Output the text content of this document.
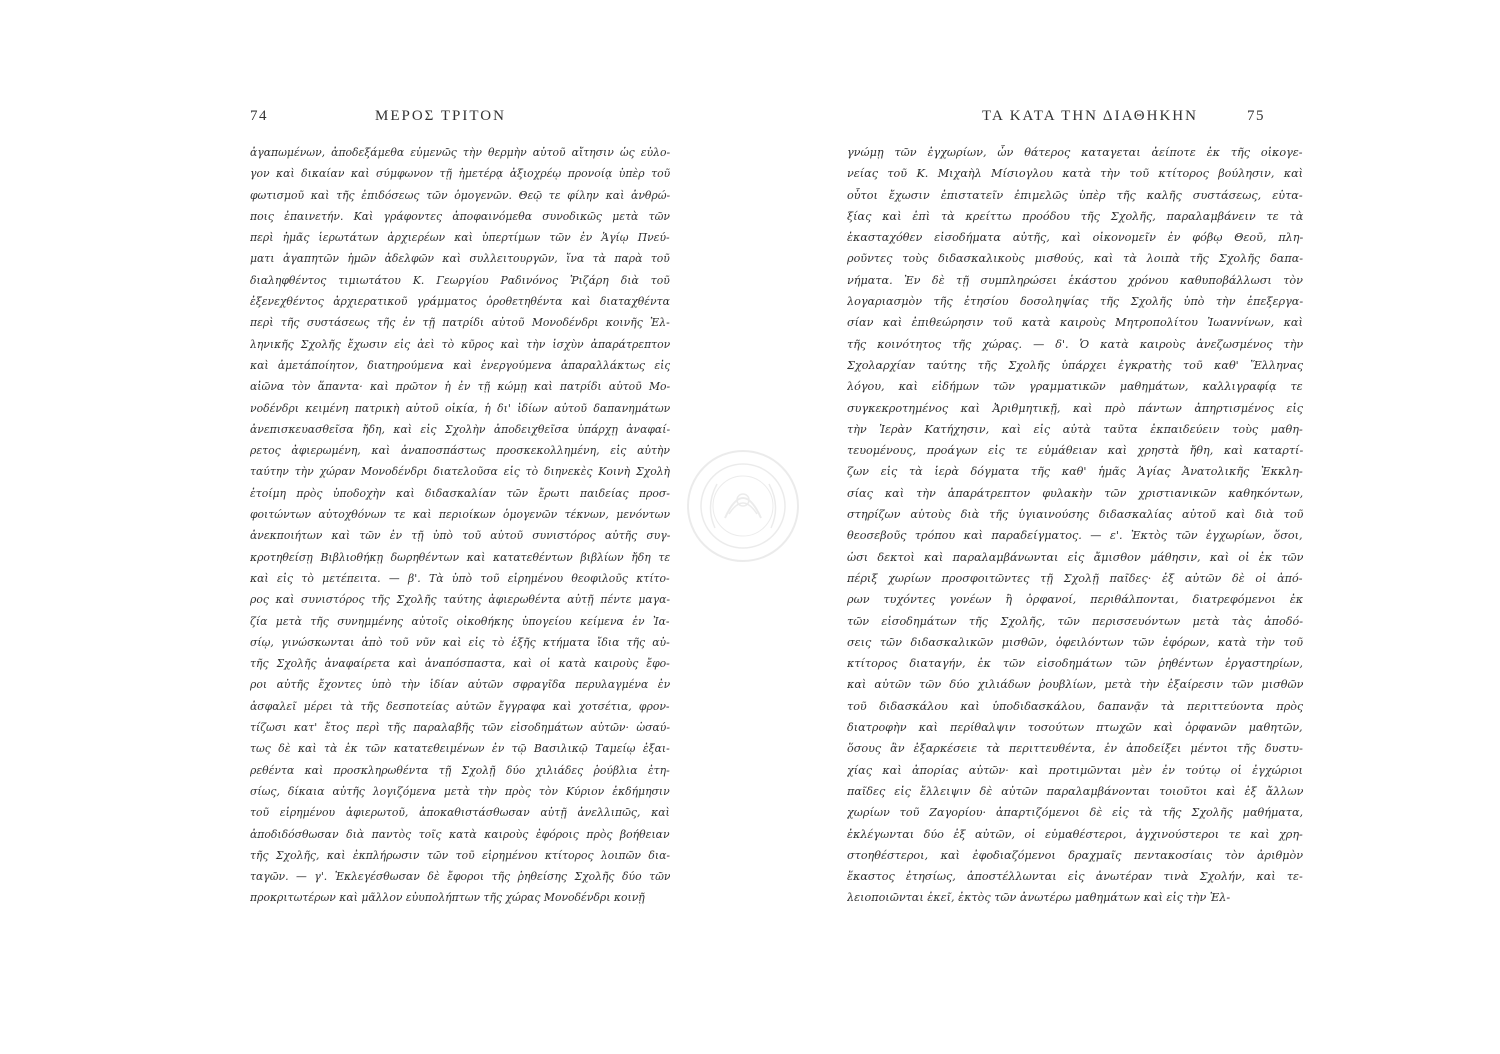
74	ΜΕΡΟΣ ΤΡΙΤΟΝ
ἀγαπωμένων, ἀποδεξάμεθα εὐμενῶς τὴν θερμὴν αὐτοῦ αἴτησιν ὡς εὐλο-
γον καὶ δικαίαν καὶ σύμφωνον τῇ ἡμετέρᾳ ἀξιοχρέῳ προνοίᾳ ὑπὲρ τοῦ
φωτισμοῦ καὶ τῆς ἐπιδόσεως τῶν ὁμογενῶν. Θεῷ τε φίλην καὶ ἀνθρώ-
ποις ἐπαινετήν. Καὶ γράφοντες ἀποφαινόμεθα συνοδικῶς μετὰ τῶν
περὶ ἡμᾶς ἱερωτάτων ἀρχιερέων καὶ ὑπερτίμων τῶν ἐν Ἁγίῳ Πνεύ-
ματι ἀγαπητῶν ἡμῶν ἀδελφῶν καὶ συλλειτουργῶν, ἵνα τὰ παρὰ τοῦ
διαληφθέντος τιμιωτάτου Κ. Γεωργίου Ραδινόνος Ῥιζάρη διὰ τοῦ
ἐξενεχθέντος ἀρχιερατικοῦ γράμματος ὁροθετηθέντα καὶ διαταχθέντα
περὶ τῆς συστάσεως τῆς ἐν τῇ πατρίδι αὐτοῦ Μονοδένδρι κοινῆς Ἑλ-
ληνικῆς Σχολῆς ἔχωσιν εἰς ἀεὶ τὸ κῦρος καὶ τὴν ἰσχὺν ἀπαράτρεπτον
καὶ ἀμετάποίητον, διατηρούμενα καὶ ἐνεργούμενα ἀπαραλλάκτως εἰς
αἰῶνα τὸν ἅπαντα· καὶ πρῶτον ἡ ἐν τῇ κώμῃ καὶ πατρίδι αὐτοῦ Μο-
νοδένδρι κειμένη πατρικὴ αὐτοῦ οἰκία, ἡ δι' ἰδίων αὐτοῦ δαπανημάτων
ἀνεπισκευασθεῖσα ἤδη, καὶ εἰς Σχολὴν ἀποδειχθεῖσα ὑπάρχῃ ἀναφαί-
ρετος ἀφιερωμένη, καὶ ἀναποσπάστως προσκεκολλημένη, εἰς αὐτὴν
ταύτην τὴν χώραν Μονοδένδρι διατελοῦσα εἰς τὸ διηνεκὲς Κοινὴ Σχολὴ
ἑτοίμη πρὸς ὑποδοχὴν καὶ διδασκαλίαν τῶν ἔρωτι παιδείας προσ-
φοιτώντων αὐτοχθόνων τε καὶ περιοίκων ὁμογενῶν τέκνων, μενόντων
ἀνεκποιήτων καὶ τῶν ἐν τῇ ὑπὸ τοῦ αὐτοῦ συνιστόρος αὐτῆς συγ-
κροτηθείσῃ Βιβλιοθήκῃ δωρηθέντων καὶ κατατεθέντων βιβλίων ἤδη τε
καὶ εἰς τὸ μετέπειτα. — β'. Τὰ ὑπὸ τοῦ εἰρημένου θεοφιλοῦς κτίτο-
ρος καὶ συνιστόρος τῆς Σχολῆς ταύτης ἀφιερωθέντα αὐτῇ πέντε μαγα-
ζία μετὰ τῆς συνημμένης αὐτοῖς οἰκοθήκης ὑπογείου κείμενα ἐν Ἰα-
σίῳ, γινώσκωνται ἀπὸ τοῦ νῦν καὶ εἰς τὸ ἑξῆς κτήματα ἴδια τῆς αὐ-
τῆς Σχολῆς ἀναφαίρετα καὶ ἀναπόσπαστα, καὶ οἱ κατὰ καιροὺς ἔφο-
ροι αὐτῆς ἔχοντες ὑπὸ τὴν ἰδίαν αὐτῶν σφραγῖδα περυλαγμένα ἐν
ἀσφαλεῖ μέρει τὰ τῆς δεσποτείας αὐτῶν ἔγγραφα καὶ χοτσέτια, φρον-
τίζωσι κατ' ἔτος περὶ τῆς παραλαβῆς τῶν εἰσοδημάτων αὐτῶν· ὡσαύ-
τως δὲ καὶ τὰ ἐκ τῶν κατατεθειμένων ἐν τῷ Βασιλικῷ Ταμείῳ ἐξαι-
ρεθέντα καὶ προσκληρωθέντα τῇ Σχολῇ δύο χιλιάδες ῥούβλια ἐτη-
σίως, δίκαια αὐτῆς λογιζόμενα μετὰ τὴν πρὸς τὸν Κύριον ἐκδήμησιν
τοῦ εἰρημένου ἀφιερωτοῦ, ἀποκαθιστάσθωσαν αὐτῇ ἀνελλιπῶς, καὶ
ἀποδιδόσθωσαν διὰ παντὸς τοῖς κατὰ καιροὺς ἐφόροις πρὸς βοήθειαν
τῆς Σχολῆς, καὶ ἐκπλήρωσιν τῶν τοῦ εἰρημένου κτίτορος λοιπῶν δια-
ταγῶν. — γ'. Ἐκλεγέσθωσαν δὲ ἔφοροι τῆς ῥηθείσης Σχολῆς δύο τῶν
προκριτωτέρων καὶ μᾶλλον εὐυπολήπτων τῆς χώρας Μονοδένδρι κοινῇ
ΤΑ ΚΑΤΑ ΤΗΝ ΔΙΑΘΗΚΗΝ	75
γνώμῃ τῶν ἐγχωρίων, ὧν θάτερος καταγεται ἀείποτε ἐκ τῆς οἰκογε-
νείας τοῦ Κ. Μιχαὴλ Μίσιογλου κατὰ τὴν τοῦ κτίτορος βούλησιν, καὶ
οὗτοι ἔχωσιν ἐπιστατεῖν ἐπιμελῶς ὑπὲρ τῆς καλῆς συστάσεως, εὐτα-
ξίας καὶ ἐπὶ τὰ κρείττω προόδου τῆς Σχολῆς, παραλαμβάνειν τε τὰ
ἑκασταχόθεν εἰσοδήματα αὐτῆς, καὶ οἰκονομεῖν ἐν φόβῳ Θεοῦ, πλη-
ροῦντες τοὺς διδασκαλικοὺς μισθούς, καὶ τὰ λοιπὰ τῆς Σχολῆς δαπα-
νήματα. Ἐν δὲ τῇ συμπληρώσει ἑκάστου χρόνου καθυποβάλλωσι τὸν
λογαριασμὸν τῆς ἐτησίου δοσοληψίας τῆς Σχολῆς ὑπὸ τὴν ἐπεξεργα-
σίαν καὶ ἐπιθεώρησιν τοῦ κατὰ καιροὺς Μητροπολίτου Ἰωαννίνων, καὶ
τῆς κοινότητος τῆς χώρας. — δ'. Ὁ κατὰ καιροὺς ἀνεζωσμένος τὴν
Σχολαρχίαν ταύτης τῆς Σχολῆς ὑπάρχει ἐγκρατὴς τοῦ καθ' Ἕλληνας
λόγου, καὶ εἰδήμων τῶν γραμματικῶν μαθημάτων, καλλιγραφίᾳ τε
συγκεκροτημένος καὶ Ἀριθμητικῇ, καὶ πρὸ πάντων ἀπηρτισμένος εἰς
τὴν Ἱερὰν Κατήχησιν, καὶ εἰς αὐτὰ ταῦτα ἐκπαιδεύειν τοὺς μαθη-
τευομένους, προάγων εἰς τε εὐμάθειαν καὶ χρηστὰ ἤθη, καὶ καταρτί-
ζων εἰς τὰ ἱερὰ δόγματα τῆς καθ' ἡμᾶς Ἁγίας Ἀνατολικῆς Ἐκκλη-
σίας καὶ τὴν ἀπαράτρεπτον φυλακὴν τῶν χριστιανικῶν καθηκόντων,
στηρίζων αὐτοὺς διὰ τῆς ὑγιαινούσης διδασκαλίας αὐτοῦ καὶ διὰ τοῦ
θεοσεβοῦς τρόπου καὶ παραδείγματος. — ε'. Ἐκτὸς τῶν ἐγχωρίων, ὅσοι,
ὡσι δεκτοὶ καὶ παραλαμβάνωνται εἰς ἄμισθον μάθησιν, καὶ οἱ ἐκ τῶν
πέριξ χωρίων προσφοιτῶντες τῇ Σχολῇ παῖδες· ἐξ αὐτῶν δὲ οἱ ἀπό-
ρων τυχόντες γονέων ἢ ὀρφανοί, περιθάλπονται, διατρεφόμενοι ἐκ
τῶν εἰσοδημάτων τῆς Σχολῆς, τῶν περισσευόντων μετὰ τὰς ἀποδό-
σεις τῶν διδασκαλικῶν μισθῶν, ὀφειλόντων τῶν ἐφόρων, κατὰ τὴν τοῦ
κτίτορος διαταγήν, ἐκ τῶν εἰσοδημάτων τῶν ῥηθέντων ἐργαστηρίων,
καὶ αὐτῶν τῶν δύο χιλιάδων ῥουβλίων, μετὰ τὴν ἐξαίρεσιν τῶν μισθῶν
τοῦ διδασκάλου καὶ ὑποδιδασκάλου, δαπανᾷν τὰ περιττεύοντα πρὸς
διατροφὴν καὶ περίθαλψιν τοσούτων πτωχῶν καὶ ὀρφανῶν μαθητῶν,
ὅσους ἂν ἐξαρκέσειε τὰ περιττευθέντα, ἐν ἀποδείξει μέντοι τῆς δυστυ-
χίας καὶ ἀπορίας αὐτῶν· καὶ προτιμῶνται μὲν ἐν τούτῳ οἱ ἐγχώριοι
παῖδες εἰς ἔλλειψιν δὲ αὐτῶν παραλαμβάνονται τοιοῦτοι καὶ ἐξ ἄλλων
χωρίων τοῦ Ζαγορίου· ἀπαρτιζόμενοι δὲ εἰς τὰ τῆς Σχολῆς μαθήματα,
ἐκλέγωνται δύο ἐξ αὐτῶν, οἱ εὐμαθέστεροι, ἀγχινούστεροι τε καὶ χρη-
στοηθέστεροι, καὶ ἐφοδιαζόμενοι δραχμαῖς πεντακοσίαις τὸν ἀριθμὸν
ἕκαστος ἐτησίως, ἀποστέλλωνται εἰς ἀνωτέραν τινὰ Σχολήν, καὶ τε-
λειοποιῶνται ἐκεῖ, ἐκτὸς τῶν ἀνωτέρω μαθημάτων καὶ εἰς τὴν Ἑλ-
